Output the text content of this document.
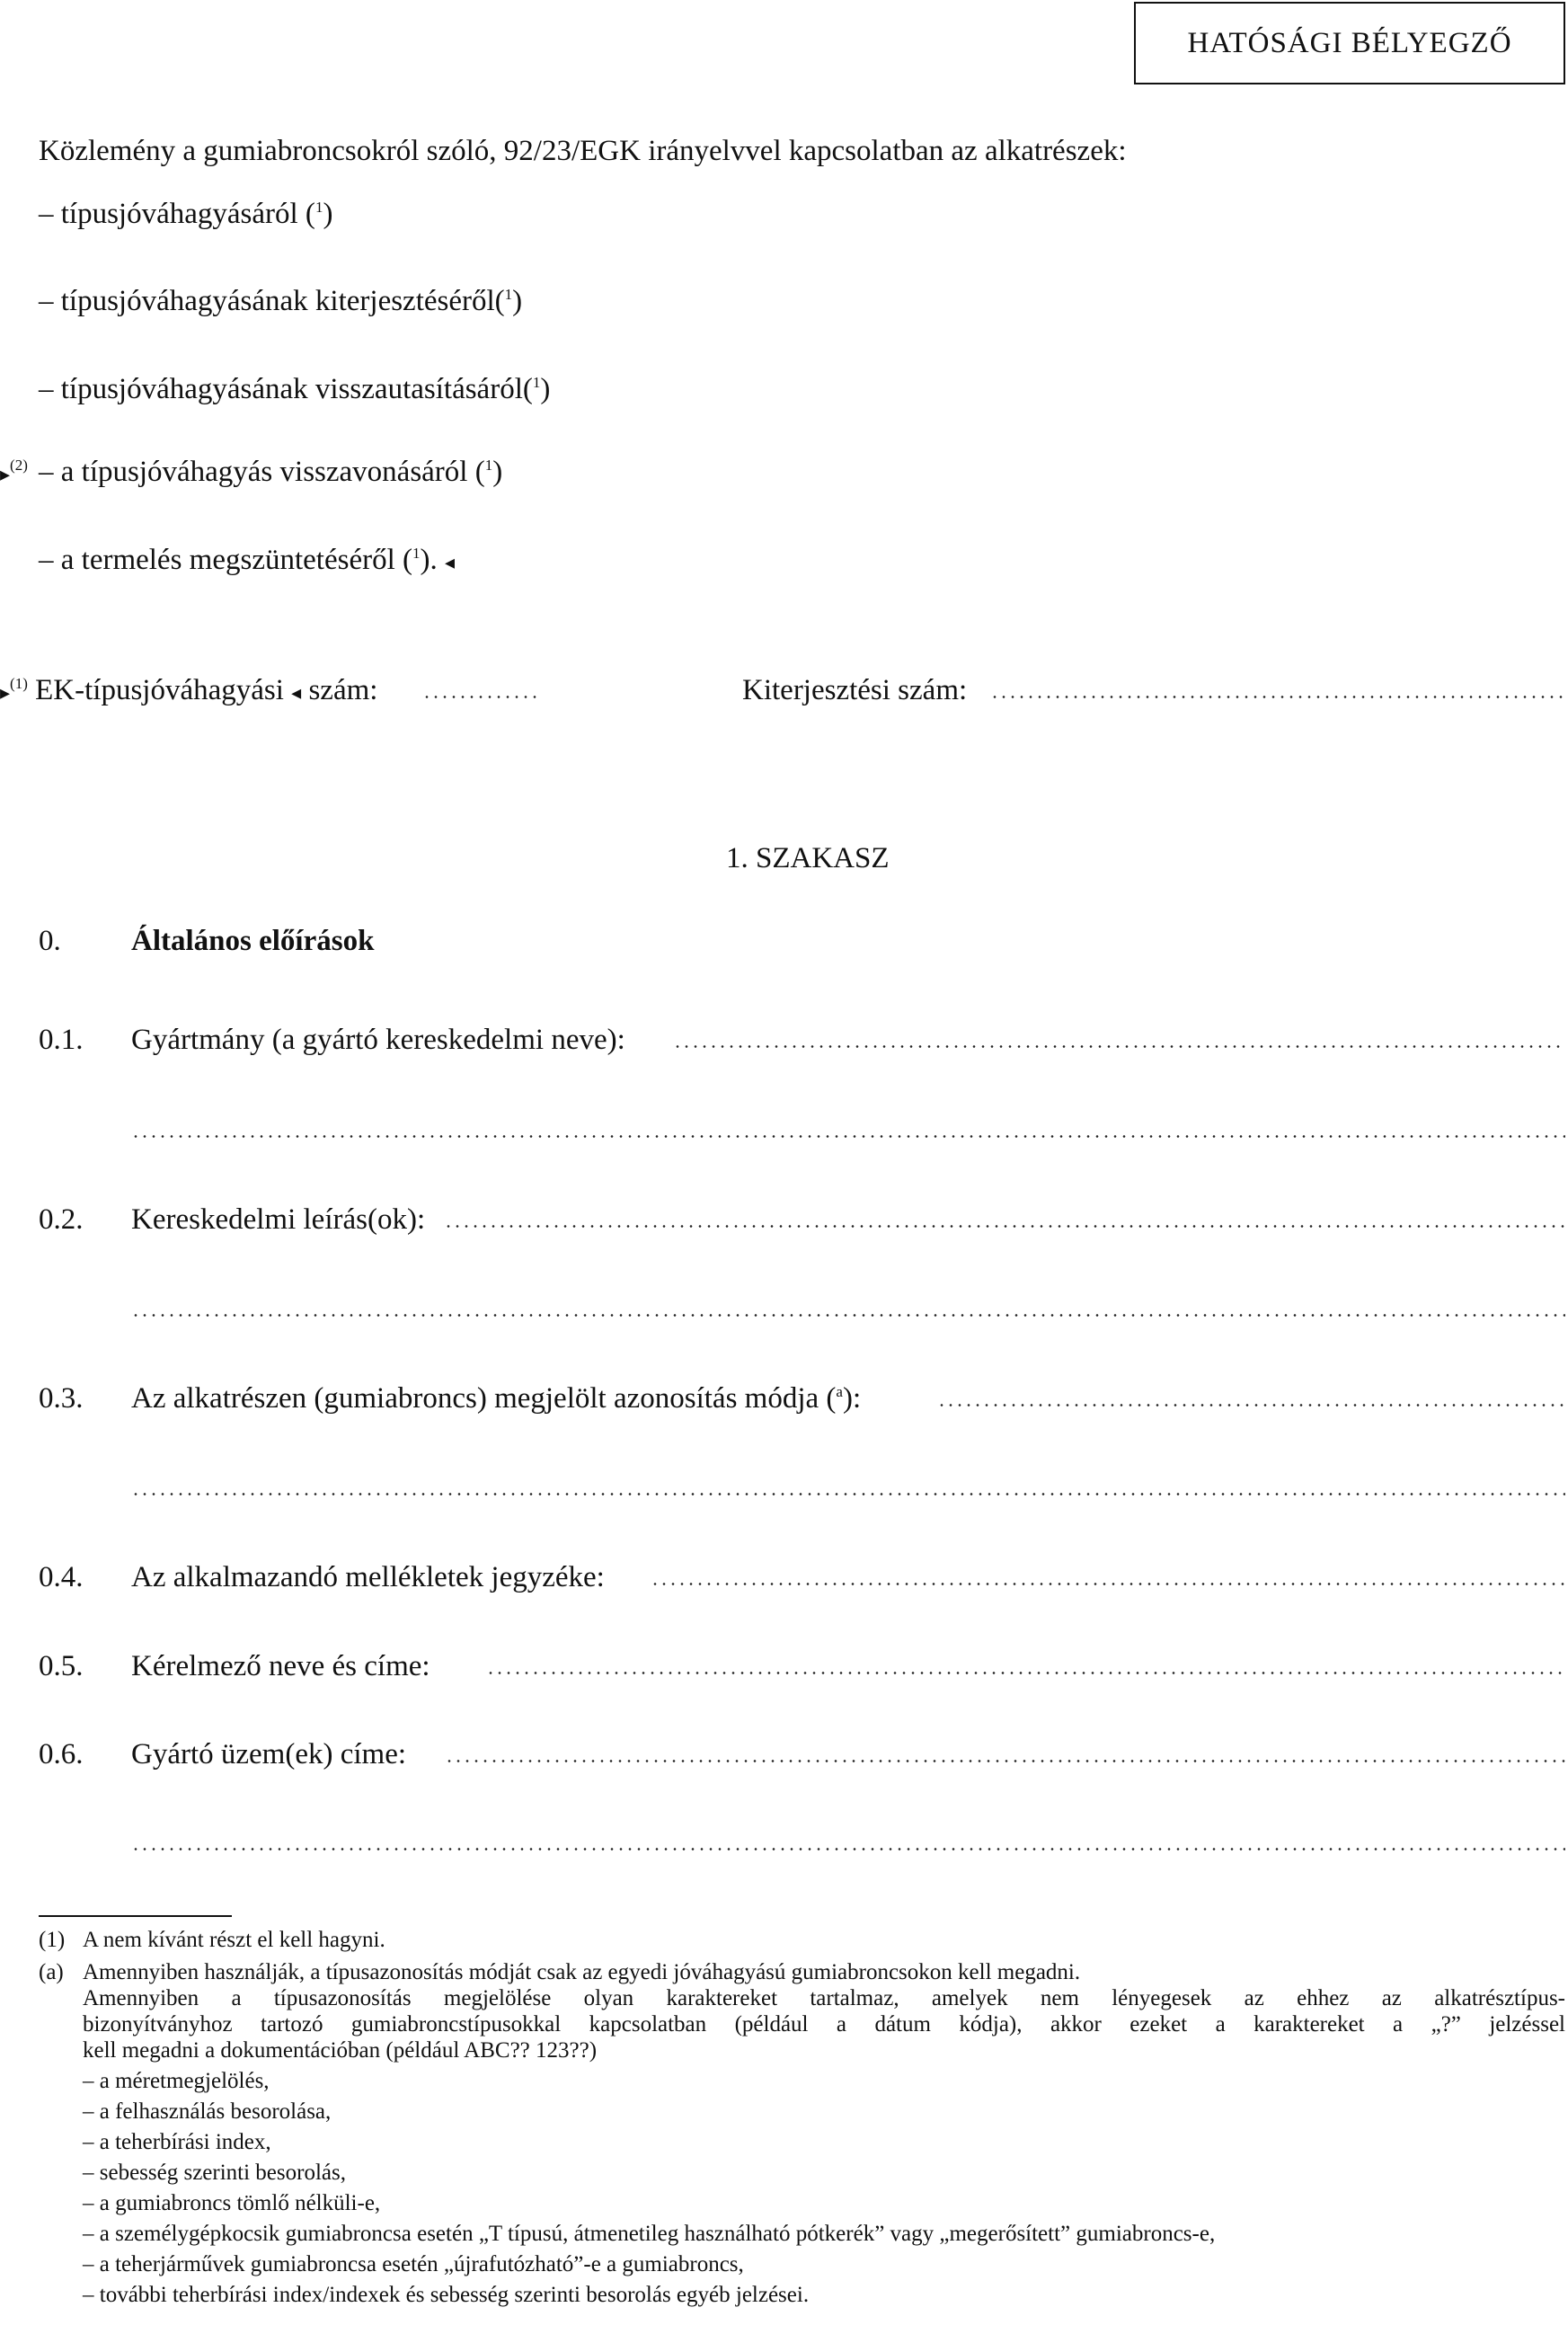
HATÓSÁGI BÉLYEGZŐ
Közlemény a gumiabroncsokról szóló, 92/23/EGK irányelvvel kapcsolatban az alkatrészek:
– típusjóváhagyásáról ($^1$)
– típusjóváhagyásának kiterjesztéséről($^1$)
– típusjóváhagyásának visszautasításáról($^1$)
▸$^{(2)}$ – a típusjóváhagyás visszavonásáról ($^1$)
– a termelés megszüntetéséről ($^1$). ◂
▸$^{(1)}$ EK-típusjóváhagyási ◂ szám:	Kiterjesztési szám:
1. SZAKASZ
0. Általános előírások
0.1. Gyártmány (a gyártó kereskedelmi neve):
0.2. Kereskedelmi leírás(ok):
0.3. Az alkatrészen (gumiabroncs) megjelölt azonosítás módja ($^a$):
0.4. Az alkalmazandó mellékletek jegyzéke:
0.5. Kérelmező neve és címe:
0.6. Gyártó üzem(ek) címe:
(1) A nem kívánt részt el kell hagyni.
(a) Amennyiben használják, a típusazonosítás módját csak az egyedi jóváhagyású gumiabroncsokon kell megadni.
Amennyiben a típusazonosítás megjelölése olyan karaktereket tartalmaz, amelyek nem lényegesek az ehhez az alkatrésztípus-
bizonyítványhoz tartozó gumiabroncstípusokkal kapcsolatban (például a dátum kódja), akkor ezeket a karaktereket a „?” jelzéssel
kell megadni a dokumentációban (például ABC?? 123??)
– a méretmegjelölés,
– a felhasználás besorolása,
– a teherbírási index,
– sebesség szerinti besorolás,
– a gumiabroncs tömlő nélküli-e,
– a személygépkocsik gumiabroncsa esetén „T típusú, átmenetileg használható pótkerék” vagy „megerősített” gumiabroncs-e,
– a teherjárművek gumiabroncsa esetén „újrafutózható”-e a gumiabroncs,
– további teherbírási index/indexek és sebesség szerinti besorolás egyéb jelzései.
